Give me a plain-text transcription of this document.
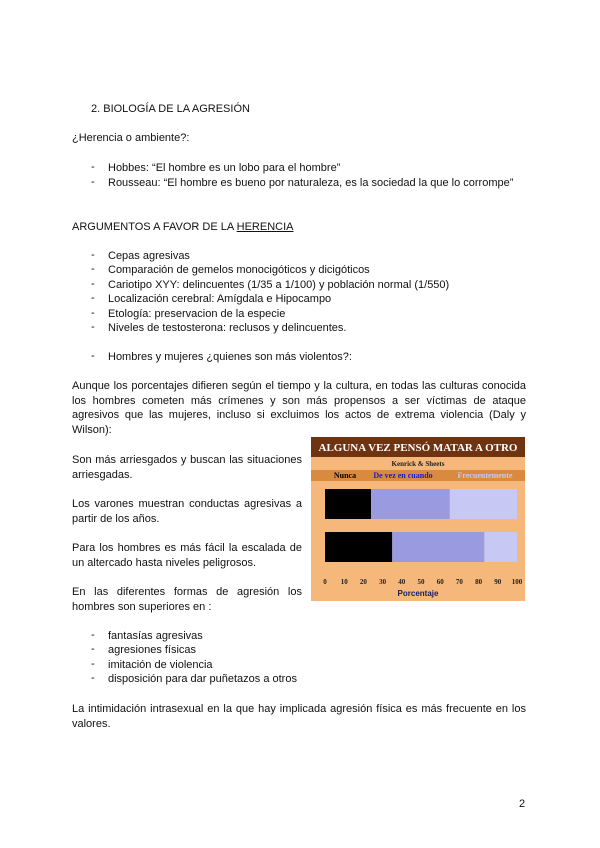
2. BIOLOGÍA DE LA AGRESIÓN
¿Herencia o ambiente?:
- Hobbes: “El hombre es un lobo para el hombre”
- Rousseau: “El hombre es bueno por naturaleza, es la sociedad la que lo corrompe”
ARGUMENTOS A FAVOR DE LA HERENCIA
- Cepas agresivas
- Comparación de gemelos monocigóticos y dicigóticos
- Cariotipo XYY: delincuentes (1/35 a 1/100) y población normal (1/550)
- Localización cerebral: Amígdala e Hipocampo
- Etología: preservacion de la especie
- Niveles de testosterona: reclusos y delincuentes.
- Hombres y mujeres ¿quienes son más violentos?:
Aunque los porcentajes difieren según el tiempo y la cultura, en todas las culturas conocida los hombres cometen más crímenes y son más propensos a ser víctimas de ataque agresivos que las mujeres, incluso si excluimos los actos de extrema violencia (Daly y Wilson):
Son más arriesgados y buscan las situaciones arriesgadas.
Los varones muestran conductas agresivas a partir de los años.
Para los hombres es más fácil la escalada de un altercado hasta niveles peligrosos.
En las diferentes formas de agresión los hombres son superiores en :
- fantasías agresivas
- agresiones físicas
- imitación de violencia
- disposición para dar puñetazos a otros
La intimidación intrasexual en la que hay implicada agresión física es más frecuente en los valores.
2
ALGUNA VEZ PENSÓ MATAR A OTRO
Kenrick & Sheets
Nunca De vez en cuando	Frecuentemente
0 10 20 30 40 50 60 70 80 90 100
Porcentaje
